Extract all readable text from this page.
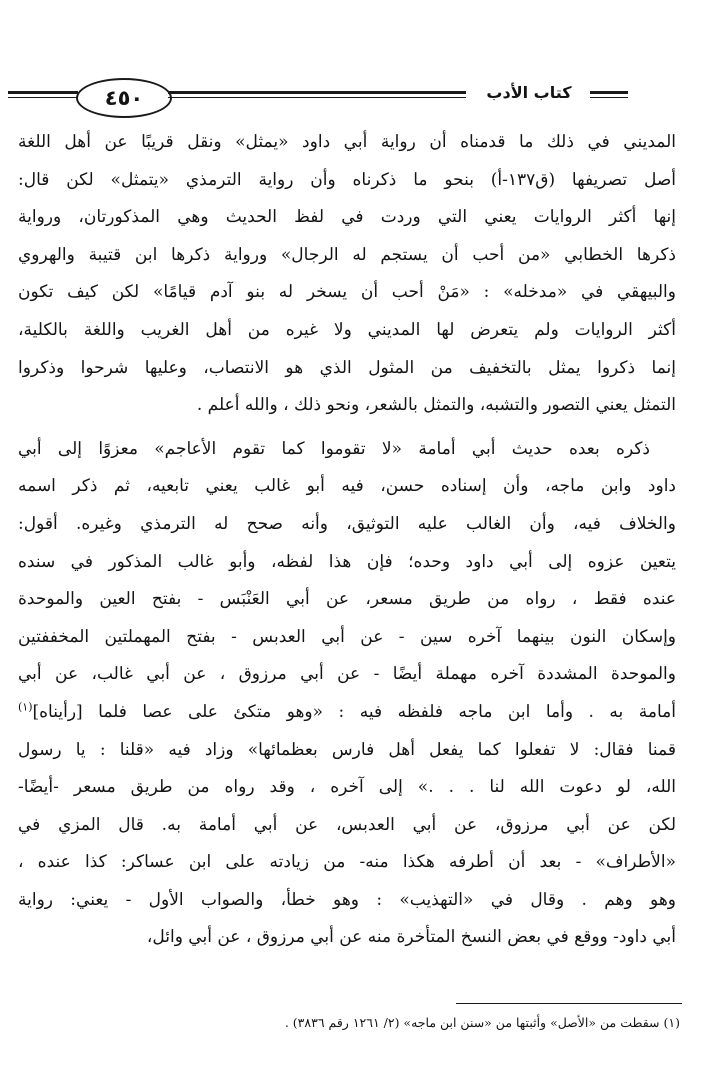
٤٥٠	كتاب الأدب
المديني في ذلك ما قدمناه أن رواية أبي داود «يمثل» ونقل قريبًا عن أهل اللغة
أصل تصريفها (ق١٣٧-أ) بنحو ما ذكرناه وأن رواية الترمذي «يتمثل» لكن قال:
إنها أكثر الروايات يعني التي وردت في لفظ الحديث وهي المذكورتان، ورواية
ذكرها الخطابي «من أحب أن يستجم له الرجال» ورواية ذكرها ابن قتيبة والهروي
والبيهقي في «مدخله» : «مَنْ أحب أن يسخر له بنو آدم قيامًا» لكن كيف تكون
أكثر الروايات ولم يتعرض لها المديني ولا غيره من أهل الغريب واللغة بالكلية،
إنما ذكروا يمثل بالتخفيف من المثول الذي هو الانتصاب، وعليها شرحوا وذكروا
التمثل يعني التصور والتشبه، والتمثل بالشعر، ونحو ذلك ، والله أعلم .
ذكره بعده حديث أبي أمامة «لا تقوموا كما تقوم الأعاجم» معزوًا إلى أبي
داود وابن ماجه، وأن إسناده حسن، فيه أبو غالب يعني تابعيه، ثم ذكر اسمه
والخلاف فيه، وأن الغالب عليه التوثيق، وأنه صحح له الترمذي وغيره. أقول:
يتعين عزوه إلى أبي داود وحده؛ فإن هذا لفظه، وأبو غالب المذكور في سنده
عنده فقط ، رواه من طريق مسعر، عن أبي العَنْبَس - بفتح العين والموحدة
وإسكان النون بينهما آخره سين - عن أبي العدبس - بفتح المهملتين المخففتين
والموحدة المشددة آخره مهملة أيضًا - عن أبي مرزوق ، عن أبي غالب، عن أبي
أمامة به . وأما ابن ماجه فلفظه فيه : «وهو متكئ على عصا فلما [رأيناه]$^{(١)}$
قمنا فقال: لا تفعلوا كما يفعل أهل فارس بعظمائها» وزاد فيه «قلنا : يا رسول
الله، لو دعوت الله لنا . . .» إلى آخره ، وقد رواه من طريق مسعر -أيضًا-
لكن عن أبي مرزوق، عن أبي العدبس، عن أبي أمامة به. قال المزي في
«الأطراف» - بعد أن أطرفه هكذا منه- من زيادته على ابن عساكر: كذا عنده ،
وهو وهم . وقال في «التهذيب» : وهو خطأ، والصواب الأول - يعني: رواية
أبي داود- ووقع في بعض النسخ المتأخرة منه عن أبي مرزوق ، عن أبي وائل،
(١) سقطت من «الأصل» وأثبتها من «سنن ابن ماجه» (٢/ ١٢٦١ رقم ٣٨٣٦) .
